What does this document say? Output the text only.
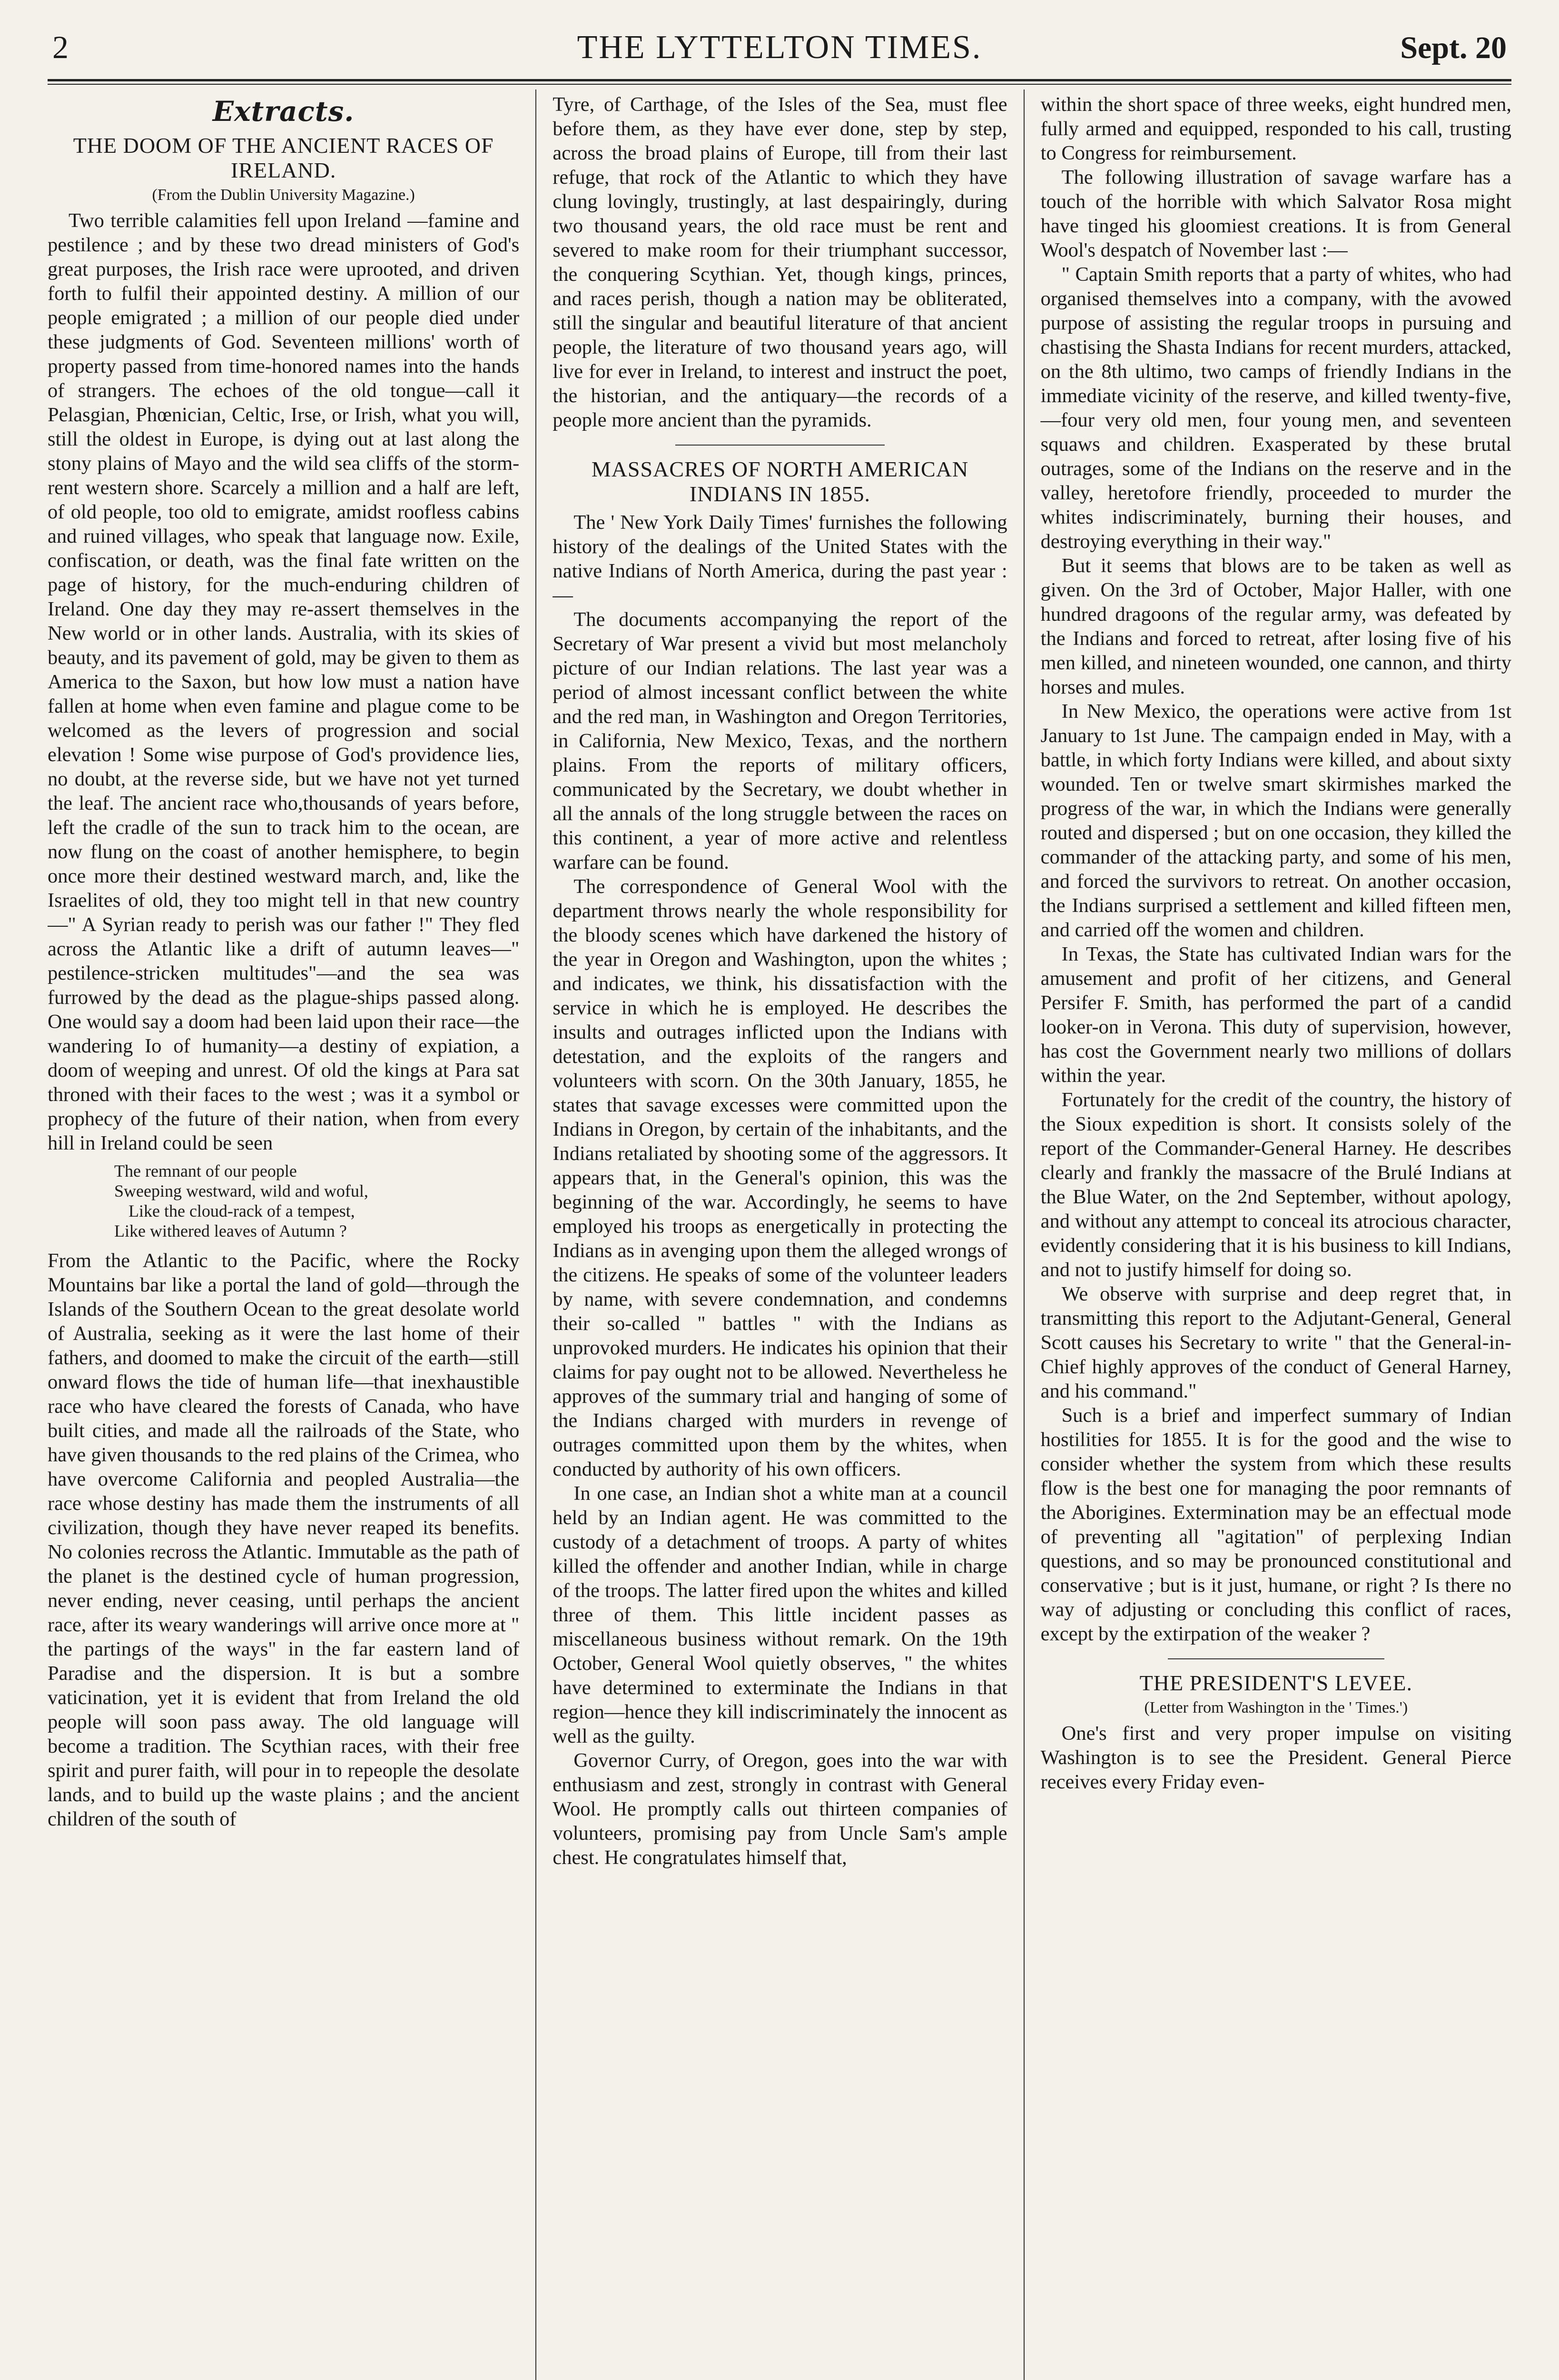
2	THE LYTTELTON TIMES.	Sept. 20
Extracts.
THE DOOM OF THE ANCIENT RACES OF IRELAND.
(From the Dublin University Magazine.)

Two terrible calamities fell upon Ireland —famine and pestilence ; and by these two dread ministers of God's great purposes, the Irish race were uprooted, and driven forth to fulfil their appointed destiny. A million of our people emigrated ; a million of our people died under these judgments of God. Seventeen millions' worth of property passed from time-honored names into the hands of strangers. The echoes of the old tongue—call it Pelasgian, Phœnician, Celtic, Irse, or Irish, what you will, still the oldest in Europe, is dying out at last along the stony plains of Mayo and the wild sea cliffs of the storm-rent western shore. Scarcely a million and a half are left, of old people, too old to emigrate, amidst roofless cabins and ruined villages, who speak that language now. Exile, confiscation, or death, was the final fate written on the page of history, for the much-enduring children of Ireland. One day they may re-assert themselves in the New world or in other lands. Australia, with its skies of beauty, and its pavement of gold, may be given to them as America to the Saxon, but how low must a nation have fallen at home when even famine and plague come to be welcomed as the levers of progression and social elevation ! Some wise purpose of God's providence lies, no doubt, at the reverse side, but we have not yet turned the leaf. The ancient race who,thousands of years before, left the cradle of the sun to track him to the ocean, are now flung on the coast of another hemisphere, to begin once more their destined westward march, and, like the Israelites of old, they too might tell in that new country —" A Syrian ready to perish was our father !" They fled across the Atlantic like a drift of autumn leaves—" pestilence-stricken multitudes"—and the sea was furrowed by the dead as the plague-ships passed along. One would say a doom had been laid upon their race—the wandering Io of humanity—a destiny of expiation, a doom of weeping and unrest. Of old the kings at Para sat throned with their faces to the west ; was it a symbol or prophecy of the future of their nation, when from every hill in Ireland could be seen

The remnant of our people
Sweeping westward, wild and woful,
Like the cloud-rack of a tempest,
Like withered leaves of Autumn ?

From the Atlantic to the Pacific, where the Rocky Mountains bar like a portal the land of gold—through the Islands of the Southern Ocean to the great desolate world of Australia, seeking as it were the last home of their fathers, and doomed to make the circuit of the earth—still onward flows the tide of human life—that inexhaustible race who have cleared the forests of Canada, who have built cities, and made all the railroads of the State, who have given thousands to the red plains of the Crimea, who have overcome California and peopled Australia—the race whose destiny has made them the instruments of all civilization, though they have never reaped its benefits. No colonies recross the Atlantic. Immutable as the path of the planet is the destined cycle of human progression, never ending, never ceasing, until perhaps the ancient race, after its weary wanderings will arrive once more at " the partings of the ways" in the far eastern land of Paradise and the dispersion. It is but a sombre vaticination, yet it is evident that from Ireland the old people will soon pass away. The old language will become a tradition. The Scythian races, with their free spirit and purer faith, will pour in to repeople the desolate lands, and to build up the waste plains ; and the ancient children of the south of

Tyre, of Carthage, of the Isles of the Sea, must flee before them, as they have ever done, step by step, across the broad plains of Europe, till from their last refuge, that rock of the Atlantic to which they have clung lovingly, trustingly, at last despairingly, during two thousand years, the old race must be rent and severed to make room for their triumphant successor, the conquering Scythian. Yet, though kings, princes, and races perish, though a nation may be obliterated, still the singular and beautiful literature of that ancient people, the literature of two thousand years ago, will live for ever in Ireland, to interest and instruct the poet, the historian, and the antiquary—the records of a people more ancient than the pyramids.

MASSACRES OF NORTH AMERICAN INDIANS IN 1855.

The ' New York Daily Times' furnishes the following history of the dealings of the United States with the native Indians of North America, during the past year :—

The documents accompanying the report of the Secretary of War present a vivid but most melancholy picture of our Indian relations. The last year was a period of almost incessant conflict between the white and the red man, in Washington and Oregon Territories, in California, New Mexico, Texas, and the northern plains. From the reports of military officers, communicated by the Secretary, we doubt whether in all the annals of the long struggle between the races on this continent, a year of more active and relentless warfare can be found.

The correspondence of General Wool with the department throws nearly the whole responsibility for the bloody scenes which have darkened the history of the year in Oregon and Washington, upon the whites ; and indicates, we think, his dissatisfaction with the service in which he is employed. He describes the insults and outrages inflicted upon the Indians with detestation, and the exploits of the rangers and volunteers with scorn. On the 30th January, 1855, he states that savage excesses were committed upon the Indians in Oregon, by certain of the inhabitants, and the Indians retaliated by shooting some of the aggressors. It appears that, in the General's opinion, this was the beginning of the war. Accordingly, he seems to have employed his troops as energetically in protecting the Indians as in avenging upon them the alleged wrongs of the citizens. He speaks of some of the volunteer leaders by name, with severe condemnation, and condemns their so-called " battles " with the Indians as unprovoked murders. He indicates his opinion that their claims for pay ought not to be allowed. Nevertheless he approves of the summary trial and hanging of some of the Indians charged with murders in revenge of outrages committed upon them by the whites, when conducted by authority of his own officers.

In one case, an Indian shot a white man at a council held by an Indian agent. He was committed to the custody of a detachment of troops. A party of whites killed the offender and another Indian, while in charge of the troops. The latter fired upon the whites and killed three of them. This little incident passes as miscellaneous business without remark. On the 19th October, General Wool quietly observes, " the whites have determined to exterminate the Indians in that region—hence they kill indiscriminately the innocent as well as the guilty.

Governor Curry, of Oregon, goes into the war with enthusiasm and zest, strongly in contrast with General Wool. He promptly calls out thirteen companies of volunteers, promising pay from Uncle Sam's ample chest. He congratulates himself that,

within the short space of three weeks, eight hundred men, fully armed and equipped, responded to his call, trusting to Congress for reimbursement.

The following illustration of savage warfare has a touch of the horrible with which Salvator Rosa might have tinged his gloomiest creations. It is from General Wool's despatch of November last :—

" Captain Smith reports that a party of whites, who had organised themselves into a company, with the avowed purpose of assisting the regular troops in pursuing and chastising the Shasta Indians for recent murders, attacked, on the 8th ultimo, two camps of friendly Indians in the immediate vicinity of the reserve, and killed twenty-five,—four very old men, four young men, and seventeen squaws and children. Exasperated by these brutal outrages, some of the Indians on the reserve and in the valley, heretofore friendly, proceeded to murder the whites indiscriminately, burning their houses, and destroying everything in their way."

But it seems that blows are to be taken as well as given. On the 3rd of October, Major Haller, with one hundred dragoons of the regular army, was defeated by the Indians and forced to retreat, after losing five of his men killed, and nineteen wounded, one cannon, and thirty horses and mules.

In New Mexico, the operations were active from 1st January to 1st June. The campaign ended in May, with a battle, in which forty Indians were killed, and about sixty wounded. Ten or twelve smart skirmishes marked the progress of the war, in which the Indians were generally routed and dispersed ; but on one occasion, they killed the commander of the attacking party, and some of his men, and forced the survivors to retreat. On another occasion, the Indians surprised a settlement and killed fifteen men, and carried off the women and children.

In Texas, the State has cultivated Indian wars for the amusement and profit of her citizens, and General Persifer F. Smith, has performed the part of a candid looker-on in Verona. This duty of supervision, however, has cost the Government nearly two millions of dollars within the year.

Fortunately for the credit of the country, the history of the Sioux expedition is short. It consists solely of the report of the Commander-General Harney. He describes clearly and frankly the massacre of the Brulé Indians at the Blue Water, on the 2nd September, without apology, and without any attempt to conceal its atrocious character, evidently considering that it is his business to kill Indians, and not to justify himself for doing so.

We observe with surprise and deep regret that, in transmitting this report to the Adjutant-General, General Scott causes his Secretary to write " that the General-in-Chief highly approves of the conduct of General Harney, and his command."

Such is a brief and imperfect summary of Indian hostilities for 1855. It is for the good and the wise to consider whether the system from which these results flow is the best one for managing the poor remnants of the Aborigines. Extermination may be an effectual mode of preventing all "agitation" of perplexing Indian questions, and so may be pronounced constitutional and conservative ; but is it just, humane, or right ? Is there no way of adjusting or concluding this conflict of races, except by the extirpation of the weaker ?

THE PRESIDENT'S LEVEE.
(Letter from Washington in the ' Times.')

One's first and very proper impulse on visiting Washington is to see the President. General Pierce receives every Friday even-
